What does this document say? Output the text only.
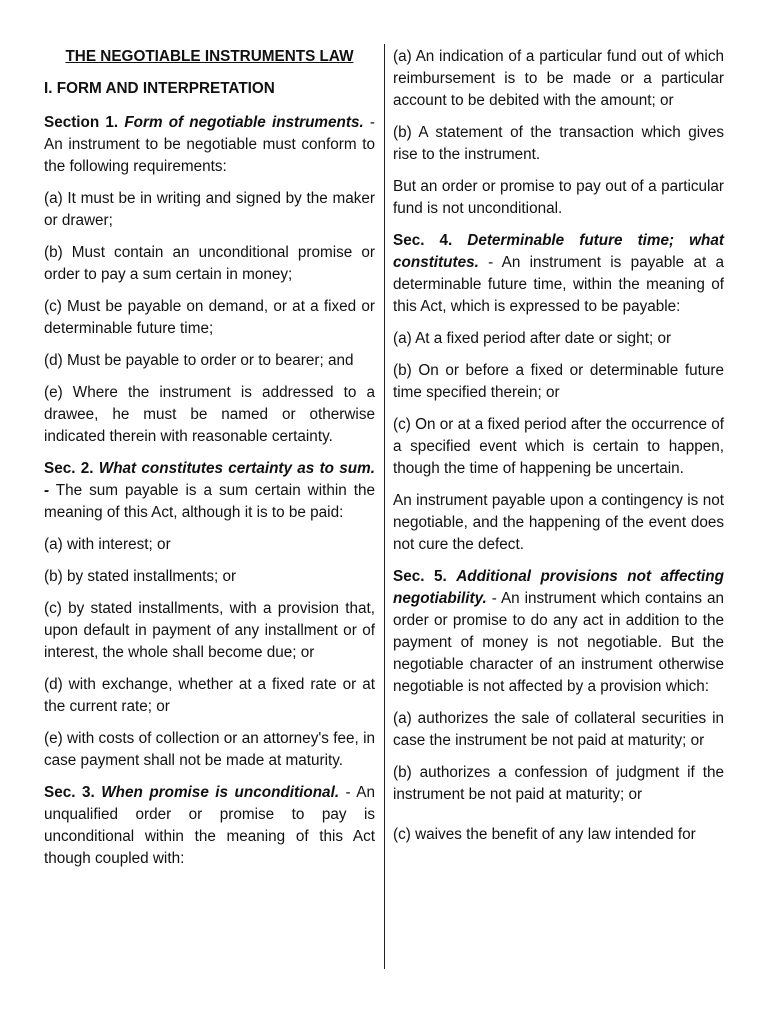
THE NEGOTIABLE INSTRUMENTS LAW

I. FORM AND INTERPRETATION

Section 1. Form of negotiable instruments. -An instrument to be negotiable must conform to the following requirements:

(a) It must be in writing and signed by the maker or drawer;

(b) Must contain an unconditional promise or order to pay a sum certain in money;

(c) Must be payable on demand, or at a fixed or determinable future time;

(d) Must be payable to order or to bearer; and

(e) Where the instrument is addressed to a drawee, he must be named or otherwise indicated therein with reasonable certainty.

Sec. 2. What constitutes certainty as to sum. - The sum payable is a sum certain within the meaning of this Act, although it is to be paid:

(a) with interest; or

(b) by stated installments; or

(c) by stated installments, with a provision that, upon default in payment of any installment or of interest, the whole shall become due; or

(d) with exchange, whether at a fixed rate or at the current rate; or

(e) with costs of collection or an attorney's fee, in case payment shall not be made at maturity.

Sec. 3. When promise is unconditional. - An unqualified order or promise to pay is unconditional within the meaning of this Act though coupled with:

(a) An indication of a particular fund out of which reimbursement is to be made or a particular account to be debited with the amount; or

(b) A statement of the transaction which gives rise to the instrument.

But an order or promise to pay out of a particular fund is not unconditional.

Sec. 4. Determinable future time; what constitutes. - An instrument is payable at a determinable future time, within the meaning of this Act, which is expressed to be payable:

(a) At a fixed period after date or sight; or

(b) On or before a fixed or determinable future time specified therein; or

(c) On or at a fixed period after the occurrence of a specified event which is certain to happen, though the time of happening be uncertain.

An instrument payable upon a contingency is not negotiable, and the happening of the event does not cure the defect.

Sec. 5. Additional provisions not affecting negotiability. - An instrument which contains an order or promise to do any act in addition to the payment of money is not negotiable. But the negotiable character of an instrument otherwise negotiable is not affected by a provision which:

(a) authorizes the sale of collateral securities in case the instrument be not paid at maturity; or

(b) authorizes a confession of judgment if the instrument be not paid at maturity; or

(c) waives the benefit of any law intended for
